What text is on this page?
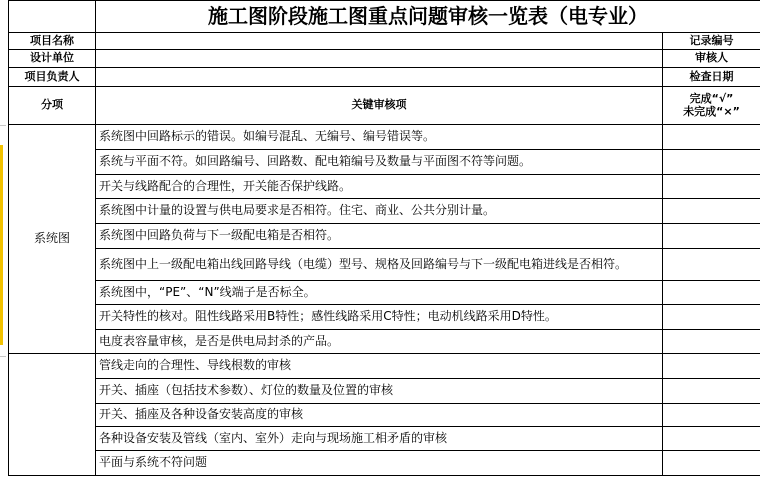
	施工图阶段施工图重点问题审核一览表（电专业）	
项目名称		记录编号
设计单位		审核人
项目负责人		检查日期
分项	关键审核项	完成“√”
未完成“×”

系统图	系统图中回路标示的错误。如编号混乱、无编号、编号错误等。	
	系统与平面不符。如回路编号、回路数、配电箱编号及数量与平面图不符等问题。	
	开关与线路配合的合理性，开关能否保护线路。	
	系统图中计量的设置与供电局要求是否相符。住宅、商业、公共分别计量。	
	系统图中回路负荷与下一级配电箱是否相符。	
	系统图中上一级配电箱出线回路导线（电缆）型号、规格及回路编号与下一级配电箱进线是否相符。	
	系统图中，“PE”、“N”线端子是否标全。	
	开关特性的核对。阻性线路采用B特性；感性线路采用C特性；电动机线路采用D特性。	
	电度表容量审核，是否是供电局封杀的产品。	
	管线走向的合理性、导线根数的审核	
	开关、插座（包括技术参数）、灯位的数量及位置的审核	
	开关、插座及各种设备安装高度的审核	
	各种设备安装及管线（室内、室外）走向与现场施工相矛盾的审核	
	平面与系统不符问题	
